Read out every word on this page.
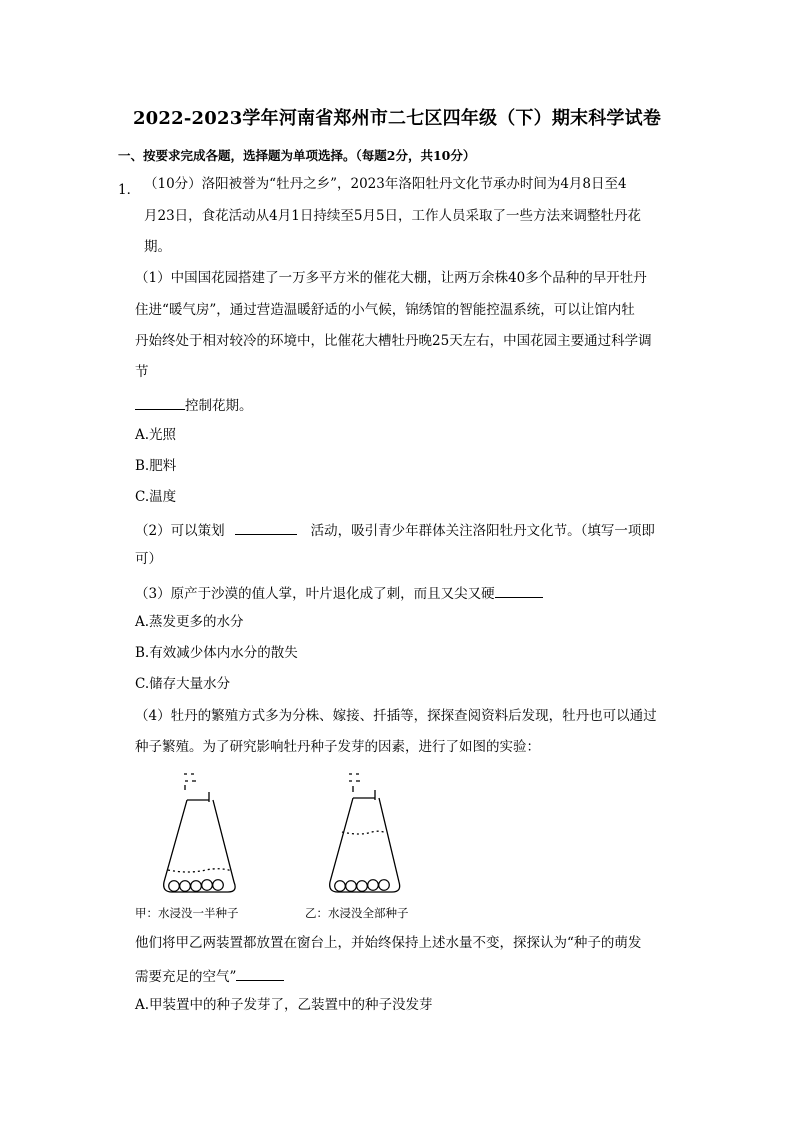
2022-2023学年河南省郑州市二七区四年级（下）期末科学试卷
一、按要求完成各题，选择题为单项选择。（每题2分，共10分）
1． （10分）洛阳被誉为“牡丹之乡”，2023年洛阳牡丹文化节承办时间为4月8日至4
月23日，食花活动从4月1日持续至5月5日，工作人员采取了一些方法来调整牡丹花
期。
（1）中国国花园搭建了一万多平方米的催花大棚，让两万余株40多个品种的早开牡丹
住进“暖气房”，通过营造温暖舒适的小气候，锦绣馆的智能控温系统，可以让馆内牡
丹始终处于相对较冷的环境中，比催花大槽牡丹晚25天左右，中国花园主要通过科学调
节
控制花期。
A.光照
B.肥料
C.温度
（2）可以策划	活动，吸引青少年群体关注洛阳牡丹文化节。（填写一项即
可）
（3）原产于沙漠的值人掌，叶片退化成了刺，而且又尖又硬
A.蒸发更多的水分
B.有效减少体内水分的散失
C.储存大量水分
（4）牡丹的繁殖方式多为分株、嫁接、扦插等，探探查阅资料后发现，牡丹也可以通过
种子繁殖。为了研究影响牡丹种子发芽的因素，进行了如图的实验：
甲：水浸没一半种子	乙：水浸没全部种子
他们将甲乙两装置都放置在窗台上，并始终保持上述水量不变，探探认为“种子的萌发
需要充足的空气”
A.甲装置中的种子发芽了，乙装置中的种子没发芽
